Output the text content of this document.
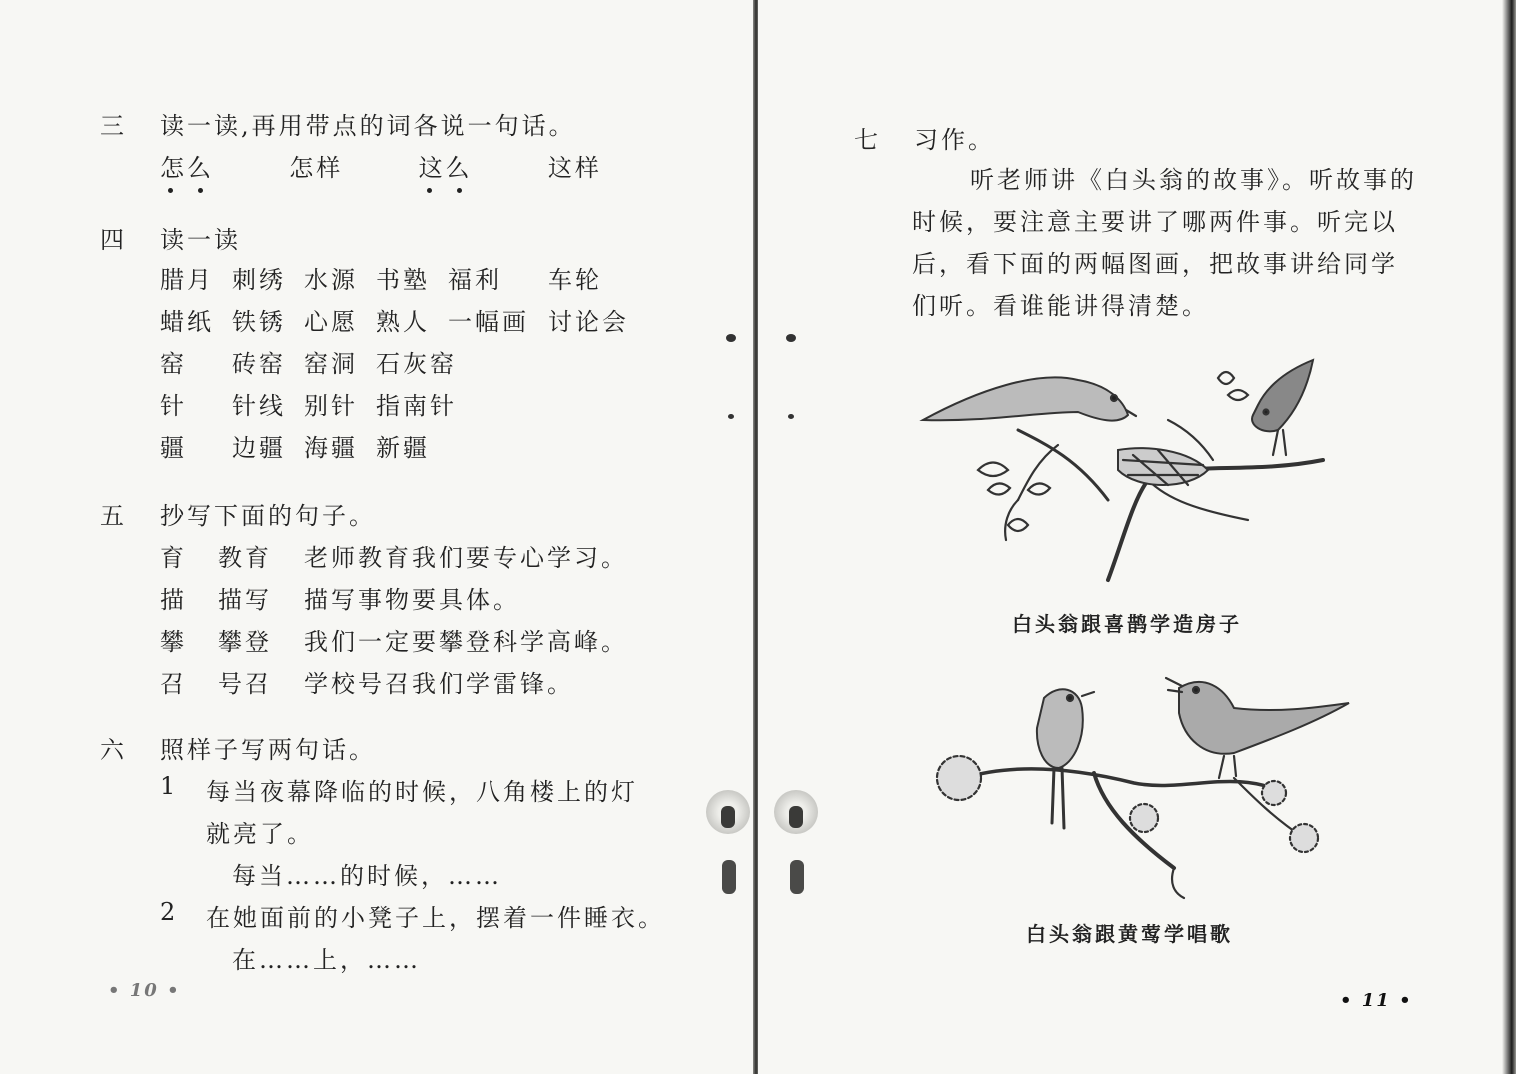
三 读一读,再用带点的词各说一句话。
怎么	怎样	这么	这样
四 读一读
腊月 刺绣 水源 书塾 福利 车轮
蜡纸 铁锈 心愿 熟人 一幅画 讨论会
窑 砖窑 窑洞 石灰窑
针 针线 别针 指南针
疆 边疆 海疆 新疆
五 抄写下面的句子。
育 教育 老师教育我们要专心学习。
描 描写 描写事物要具体。
攀 攀登 我们一定要攀登科学高峰。
召 号召 学校号召我们学雷锋。
六 照样子写两句话。
1 每当夜幕降临的时候，八角楼上的灯
就亮了。
每当……的时候，……
2 在她面前的小凳子上，摆着一件睡衣。
在……上，……
• 10 •
七 习作。
听老师讲《白头翁的故事》。听故事的
时候，要注意主要讲了哪两件事。听完以
后，看下面的两幅图画，把故事讲给同学
们听。看谁能讲得清楚。
白头翁跟喜鹊学造房子
白头翁跟黄莺学唱歌
• 11 •
